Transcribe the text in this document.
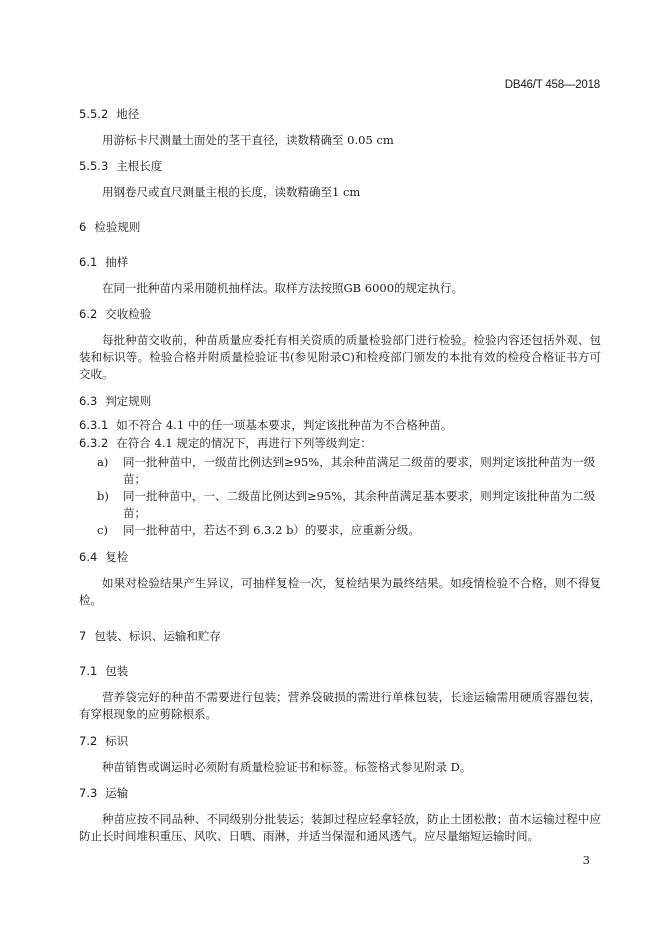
DB46/T 458—2018
5.5.2 地径
用游标卡尺测量土面处的茎干直径，读数精确至 0.05 cm
5.5.3 主根长度
用钢卷尺或直尺测量主根的长度，读数精确至1 cm
6 检验规则
6.1 抽样
在同一批种苗内采用随机抽样法。取样方法按照GB 6000的规定执行。
6.2 交收检验
每批种苗交收前，种苗质量应委托有相关资质的质量检验部门进行检验。检验内容还包括外观、包装和标识等。检验合格并附质量检验证书(参见附录C)和检疫部门颁发的本批有效的检疫合格证书方可交收。
6.3 判定规则
6.3.1 如不符合 4.1 中的任一项基本要求，判定该批种苗为不合格种苗。
6.3.2 在符合 4.1 规定的情况下，再进行下列等级判定：
a) 同一批种苗中，一级苗比例达到≥95%，其余种苗满足二级苗的要求，则判定该批种苗为一级苗；
b) 同一批种苗中，一、二级苗比例达到≥95%，其余种苗满足基本要求，则判定该批种苗为二级苗；
c) 同一批种苗中，若达不到 6.3.2 b）的要求，应重新分级。
6.4 复检
如果对检验结果产生异议，可抽样复检一次，复检结果为最终结果。如疫情检验不合格，则不得复检。
7 包装、标识、运输和贮存
7.1 包装
营养袋完好的种苗不需要进行包装；营养袋破损的需进行单株包装，长途运输需用硬质容器包装，有穿根现象的应剪除根系。
7.2 标识
种苗销售或调运时必须附有质量检验证书和标签。标签格式参见附录 D。
7.3 运输
种苗应按不同品种、不同级别分批装运；装卸过程应轻拿轻放，防止土团松散；苗木运输过程中应防止长时间堆积重压、风吹、日晒、雨淋，并适当保湿和通风透气。应尽量缩短运输时间。
3
